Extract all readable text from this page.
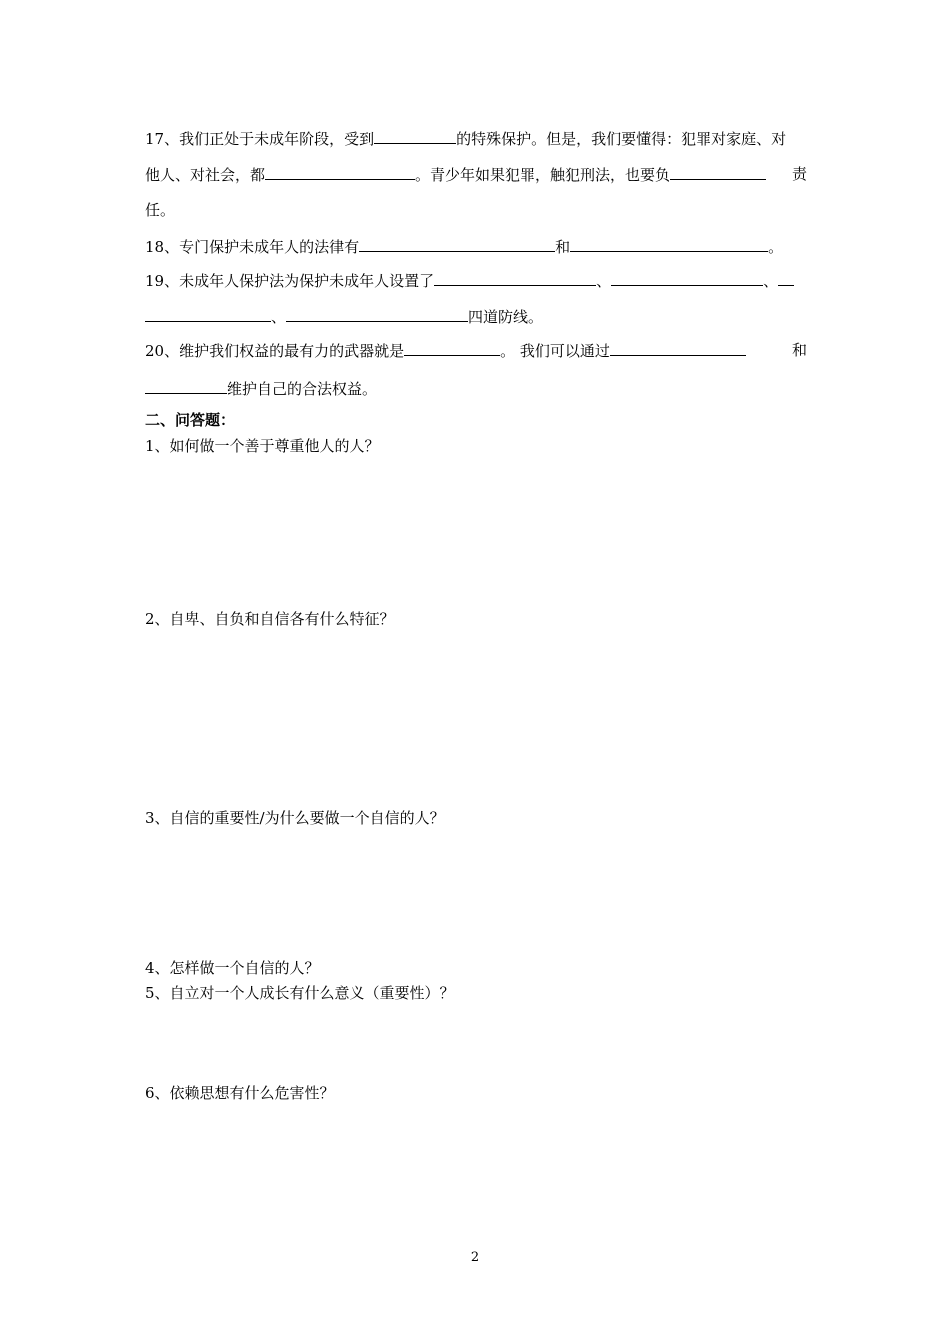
17、我们正处于未成年阶段，受到	的特殊保护。但是，我们要懂得：犯罪对家庭、对
他人、对社会，都	。青少年如果犯罪，触犯刑法，也要负	责
任。
18、专门保护未成年人的法律有	和	。
19、未成年人保护法为保护未成年人设置了	、	、
、	四道防线。
20、维护我们权益的最有力的武器就是	。 我们可以通过	和
维护自己的合法权益。
二、问答题：
1、如何做一个善于尊重他人的人？
2、自卑、自负和自信各有什么特征？
3、自信的重要性/为什么要做一个自信的人？
4、怎样做一个自信的人？
5、自立对一个人成长有什么意义（重要性）？
6、依赖思想有什么危害性？
2
